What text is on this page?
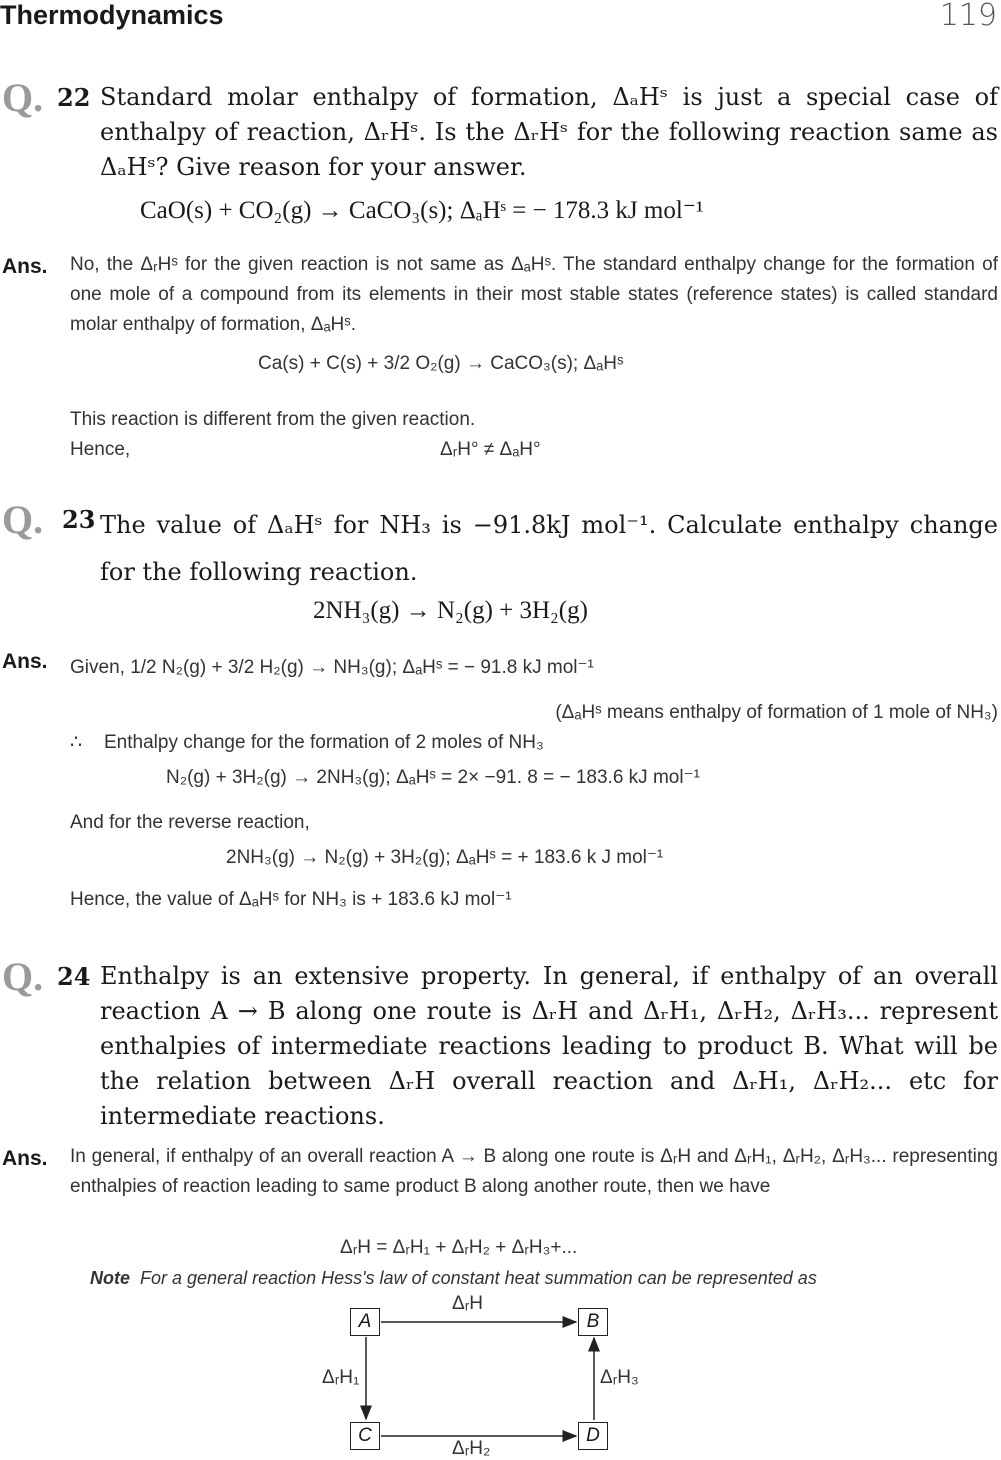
Thermodynamics	119
Q. 22 Standard molar enthalpy of formation, ΔₐHˢ is just a special case of enthalpy of reaction, ΔᵣHˢ. Is the ΔᵣHˢ for the following reaction same as ΔₐHˢ? Give reason for your answer.
CaO(s) + CO₂(g) → CaCO₃(s); ΔₐHˢ = − 178.3 kJ mol⁻¹
Ans. No, the ΔᵣHˢ for the given reaction is not same as ΔₐHˢ. The standard enthalpy change for the formation of one mole of a compound from its elements in their most stable states (reference states) is called standard molar enthalpy of formation, ΔₐHˢ.
Ca(s) + C(s) + 3/2 O₂(g) → CaCO₃(s); ΔₐHˢ
This reaction is different from the given reaction.
Hence,	ΔᵣH° ≠ ΔₐH°
Q. 23 The value of ΔₐHˢ for NH₃ is −91.8kJ mol⁻¹. Calculate enthalpy change for the following reaction.
2NH₃(g) → N₂(g) + 3H₂(g)
Ans. Given, 1/2 N₂(g) + 3/2 H₂(g) → NH₃(g); ΔₐHˢ = − 91.8 kJ mol⁻¹
(ΔₐHˢ means enthalpy of formation of 1 mole of NH₃)
∴ Enthalpy change for the formation of 2 moles of NH₃
N₂(g) + 3H₂(g) → 2NH₃(g); ΔₐHˢ = 2× −91. 8 = − 183.6 kJ mol⁻¹
And for the reverse reaction,
2NH₃(g) → N₂(g) + 3H₂(g); ΔₐHˢ = + 183.6 k J mol⁻¹
Hence, the value of ΔₐHˢ for NH₃ is + 183.6 kJ mol⁻¹
Q. 24 Enthalpy is an extensive property. In general, if enthalpy of an overall reaction A → B along one route is ΔᵣH and ΔᵣH₁, ΔᵣH₂, ΔᵣH₃... represent enthalpies of intermediate reactions leading to product B. What will be the relation between ΔᵣH overall reaction and ΔᵣH₁, ΔᵣH₂... etc for intermediate reactions.
Ans. In general, if enthalpy of an overall reaction A → B along one route is ΔᵣH and ΔᵣH₁, ΔᵣH₂, ΔᵣH₃... representing enthalpies of reaction leading to same product B along another route, then we have
ΔᵣH = ΔᵣH₁ + ΔᵣH₂ + ΔᵣH₃+...
Note For a general reaction Hess's law of constant heat summation can be represented as
A	B
C	D
ΔᵣH
ΔᵣH₁	ΔᵣH₃
ΔᵣH₂
